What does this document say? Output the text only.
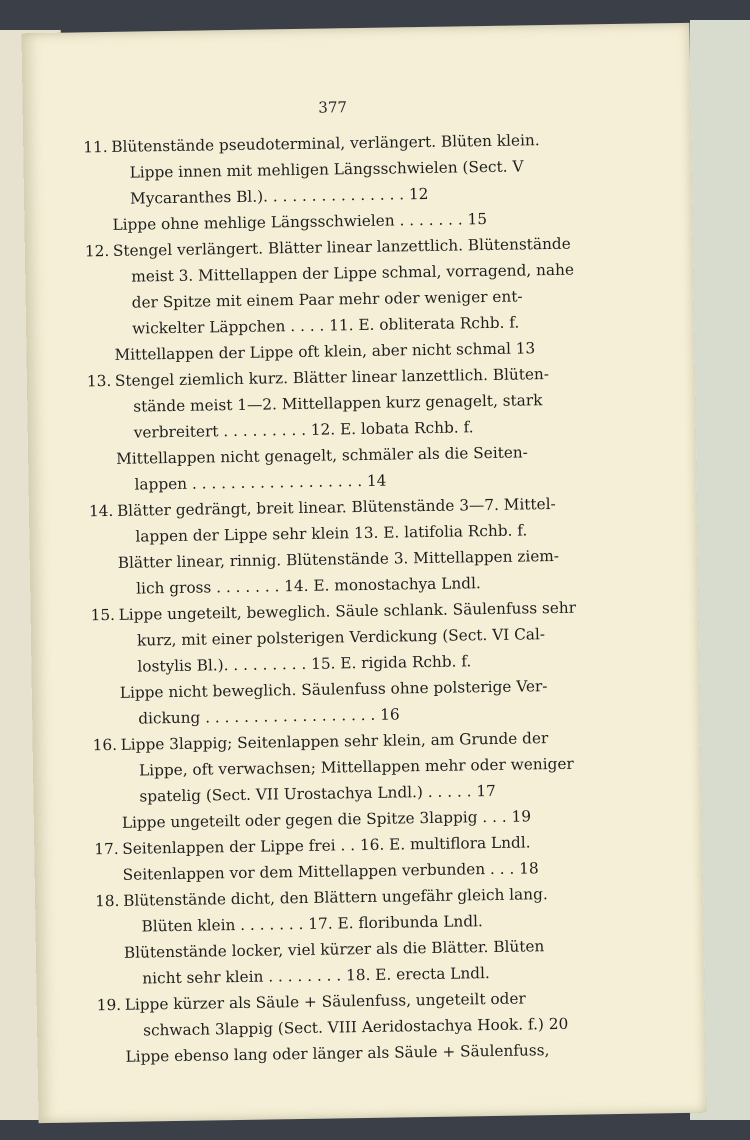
377
11. Blütenstände pseudoterminal, verlängert. Blüten klein.
Lippe innen mit mehligen Längsschwielen (Sect. V
Mycaranthes Bl.). . . . . . . . . . . . . . . 12
Lippe ohne mehlige Längsschwielen . . . . . . . 15
12. Stengel verlängert. Blätter linear lanzettlich. Blütenstände
meist 3. Mittellappen der Lippe schmal, vorragend, nahe
der Spitze mit einem Paar mehr oder weniger ent-
wickelter Läppchen . . . . 11. E. obliterata Rchb. f.
Mittellappen der Lippe oft klein, aber nicht schmal 13
13. Stengel ziemlich kurz. Blätter linear lanzettlich. Blüten-
stände meist 1—2. Mittellappen kurz genagelt, stark
verbreitert . . . . . . . . . 12. E. lobata Rchb. f.
Mittellappen nicht genagelt, schmäler als die Seiten-
lappen . . . . . . . . . . . . . . . . . . 14
14. Blätter gedrängt, breit linear. Blütenstände 3—7. Mittel-
lappen der Lippe sehr klein 13. E. latifolia Rchb. f.
Blätter linear, rinnig. Blütenstände 3. Mittellappen ziem-
lich gross . . . . . . . 14. E. monostachya Lndl.
15. Lippe ungeteilt, beweglich. Säule schlank. Säulenfuss sehr
kurz, mit einer polsterigen Verdickung (Sect. VI Cal-
lostylis Bl.). . . . . . . . . 15. E. rigida Rchb. f.
Lippe nicht beweglich. Säulenfuss ohne polsterige Ver-
dickung . . . . . . . . . . . . . . . . . . 16
16. Lippe 3lappig; Seitenlappen sehr klein, am Grunde der
Lippe, oft verwachsen; Mittellappen mehr oder weniger
spatelig (Sect. VII Urostachya Lndl.) . . . . . 17
Lippe ungeteilt oder gegen die Spitze 3lappig . . . 19
17. Seitenlappen der Lippe frei . . 16. E. multiflora Lndl.
Seitenlappen vor dem Mittellappen verbunden . . . 18
18. Blütenstände dicht, den Blättern ungefähr gleich lang.
Blüten klein . . . . . . . 17. E. floribunda Lndl.
Blütenstände locker, viel kürzer als die Blätter. Blüten
nicht sehr klein . . . . . . . . 18. E. erecta Lndl.
19. Lippe kürzer als Säule + Säulenfuss, ungeteilt oder
schwach 3lappig (Sect. VIII Aeridostachya Hook. f.) 20
Lippe ebenso lang oder länger als Säule + Säulenfuss,
